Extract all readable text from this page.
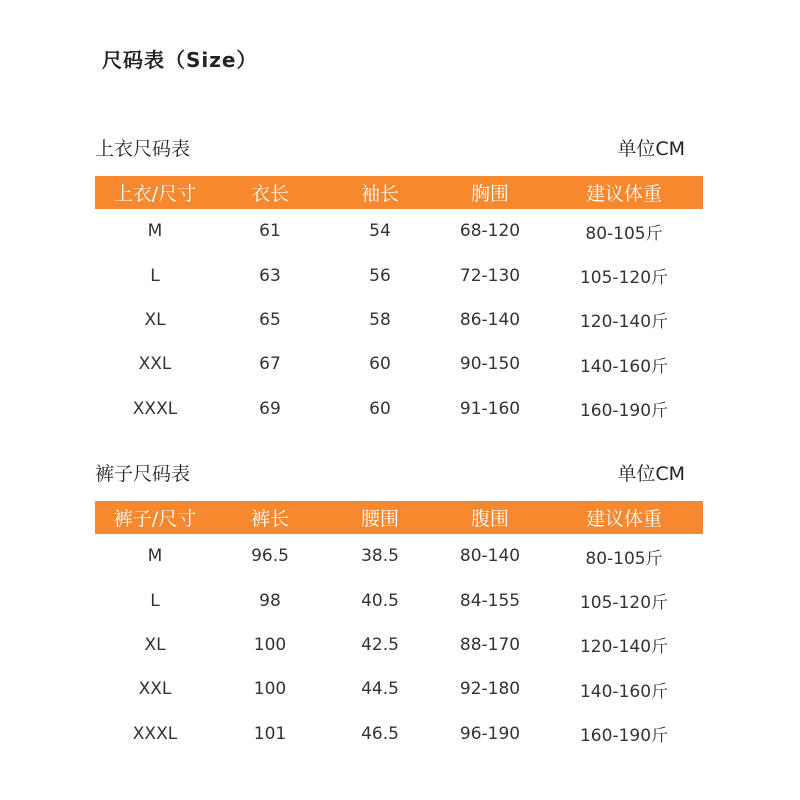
尺码表（Size）
上衣尺码表	单位CM
上衣/尺寸	衣长	袖长	胸围	建议体重
M	61	54	68-120	80-105斤
L	63	56	72-130	105-120斤
XL	65	58	86-140	120-140斤
XXL	67	60	90-150	140-160斤
XXXL	69	60	91-160	160-190斤
裤子尺码表	单位CM
裤子/尺寸	裤长	腰围	腹围	建议体重
M	96.5	38.5	80-140	80-105斤
L	98	40.5	84-155	105-120斤
XL	100	42.5	88-170	120-140斤
XXL	100	44.5	92-180	140-160斤
XXXL	101	46.5	96-190	160-190斤
